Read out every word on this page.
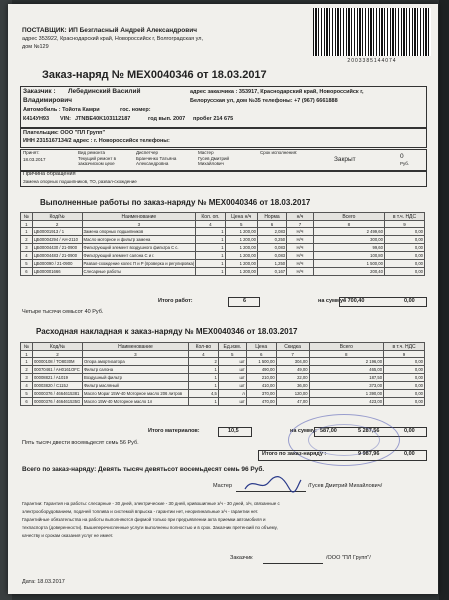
ПОСТАВЩИК: ИП Безгласный Андрей Александрович
адрес 353922, Краснодарский край, Новороссийск г, Волгоградская ул,
дом №129
2003385144074
Заказ-наряд № MEX0040346 от 18.03.2017
Заказчик : Лебединский Василий
Владимирович
адрес заказчика : 353917, Краснодарский край, Новороссийск г,
Белорусская ул, дом №35 телефоны: +7 (967) 6661888
Автомобиль : Тойота Камри	гос. номер:
К414УН93 VIN: JTNBE40K103112187	год вып. 2007 пробег 214 675
Плательщик: ООО "ПЛ Групп"
ИНН 2315167134/2 адрес : г. Новороссийск телефоны:
Принят:
18.03.2017
Вид ремонта
Текущий ремонт в заказчиском цехе
Диспетчер
Бранченко Татьяна Александровна
Мастер
Гусев Дмитрий Михайлович
Срок исполнения:
Закрыт	0
Руб.
Причина обращения
Замена опорных подшипников, ТО, развал-схождение
Выполненные работы по заказ-наряду № MEX0040346 от 18.03.2017
№	Код/№	Наименование	Кол. оп.	Цена н/ч	Норма	н/ч	Всего	в т.ч. НДС
1	2	3	4	5	6	7	8	9
1	ЦБ00001913 / 1	Замена опорных подшипников	1	1 200,00	2,083	H/Ч	2 499,60	0,00
2	ЦБ00004294 / АН-2110	Масло моторное и фильтр замена	1	1 200,00	0,250	H/Ч	300,00	0,00
3	ЦБ00004430 / 21-0900	Фильтрующий элемент воздушного фильтра С с.	1	1 200,00	0,083	H/Ч	99,60	0,00
4	ЦБ00004483 / 21-0900	Фильтрующий элемент салона С и г.	1	1 200,00	0,083	H/Ч	100,80	0,00
5	ЦБ000090 / 21-0900	Развал-схождение колес П и Р (проверка и регулировка)	1	1 200,00	1,250	H/Ч	1 500,00	0,00
6	ЦБ000001666	Слесарные работы	1	1 200,00	0,167	H/Ч	200,40	0,00
Итого работ:	6	на сумму:
4 700,40	0,00
Четыре тысячи семьсот 40 Руб.
Расходная накладная к заказ-наряду № MEX0040346 от 18.03.2017
№	Код/№	Наименование	Кол-во	Ед.изм.	Цена	Скидка	Всего	в т.ч. НДС
1	2	3	4	5	6	7	8	9
1	00000108 / ТО8030М	Опора амортизатора	2	шт	1 500,00	304,00	2 196,00	0,00
2	00070461 / AH0161OFC	Фильтр салона	1	шт	490,00	49,00	465,00	0,00
3	00008821 / A1019	Воздушный фильтр	1	шт	210,00	22,00	187,50	0,00
4	00003820 / C115J	Фильтр масляный	1	шт	410,00	36,00	373,00	0,00
5	00000376 / 4664615381	Масло Mopar 15W-40 Моторное масло 206 литров	4,5	л	370,00	120,00	1 390,00	0,00
6	00000376 / 466461535G	Масло 15W-40 Моторное масло 1л	1	шт	470,00	47,00	423,00	0,00
Итого материалов:	10,5	на сумму: 587,00	5 287,56	0,00
Пять тысяч двести восемьдесят семь 56 Руб.
Итого по заказ-наряду :	9 987,96	0,00
Всего по заказ-наряду: Девять тысяч девятьсот восемьдесят семь 96 Руб.
Мастер	/Гусев Дмитрий Михайлович/
Гарантии: Гарантия на работы: слесарные - 30 дней, электрические - 30 дней, кривошипные з/ч - 30 дней, з/ч, связанные с
электрооборудованием, подачей топлива и системой впрыска - гарантии нет, неоригинальные з/ч - гарантии нет.
Гарантийные обязательства на работы выполняются фирмой только при предъявлении акта приемки автомобиля и
техпаспорта (доверенности). Вышеперечисленные услуги выполнены полностью и в срок. Заказчик претензий по объему,
качеству и срокам оказания услуг не имеет.
Заказчик	/ООО "ПЛ Групп"/
Дата: 18.03.2017
